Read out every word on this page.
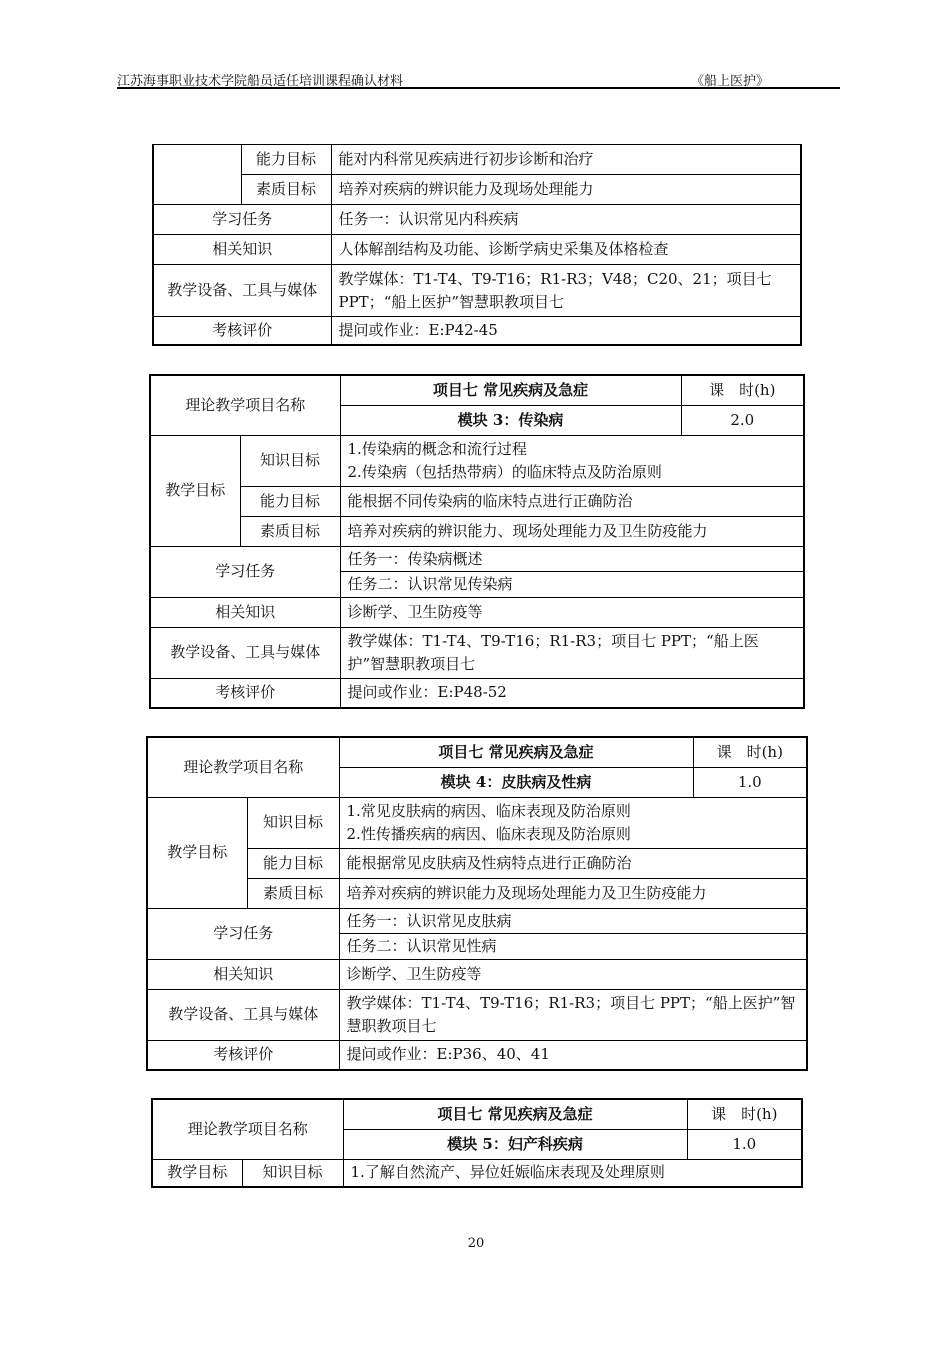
江苏海事职业技术学院船员适任培训课程确认材料	《船上医护》
	能力目标	能对内科常见疾病进行初步诊断和治疗
	素质目标	培养对疾病的辨识能力及现场处理能力
学习任务		任务一：认识常见内科疾病
相关知识		人体解剖结构及功能、诊断学病史采集及体格检查
教学设备、工具与媒体		教学媒体：T1-T4、T9-T16；R1-R3；V48；C20、21；项目七PPT；“船上医护”智慧职教项目七
考核评价		提问或作业：E:P42-45
理论教学项目名称		项目七 常见疾病及急症	课　时(h)
		模块 3：传染病	2.0
教学目标	知识目标	1.传染病的概念和流行过程
2.传染病（包括热带病）的临床特点及防治原则	

	能力目标	能根据不同传染病的临床特点进行正确防治	
	素质目标	培养对疾病的辨识能力、现场处理能力及卫生防疫能力	
学习任务		任务一：传染病概述
任务二：认识常见传染病	

相关知识		诊断学、卫生防疫等	
教学设备、工具与媒体		教学媒体：T1-T4、T9-T16；R1-R3；项目七 PPT；“船上医护”智慧职教项目七	
考核评价		提问或作业：E:P48-52	
理论教学项目名称		项目七 常见疾病及急症	课　时(h)
		模块 4：皮肤病及性病	1.0
教学目标	知识目标	1.常见皮肤病的病因、临床表现及防治原则
2.性传播疾病的病因、临床表现及防治原则	

	能力目标	能根据常见皮肤病及性病特点进行正确防治	
	素质目标	培养对疾病的辨识能力及现场处理能力及卫生防疫能力	
学习任务		任务一：认识常见皮肤病
任务二：认识常见性病	

相关知识		诊断学、卫生防疫等	
教学设备、工具与媒体		教学媒体：T1-T4、T9-T16；R1-R3；项目七 PPT；“船上医护”智慧职教项目七	
考核评价		提问或作业：E:P36、40、41	
理论教学项目名称		项目七 常见疾病及急症	课　时(h)
		模块 5：妇产科疾病	1.0
教学目标	知识目标	1.了解自然流产、异位妊娠临床表现及处理原则	
20
